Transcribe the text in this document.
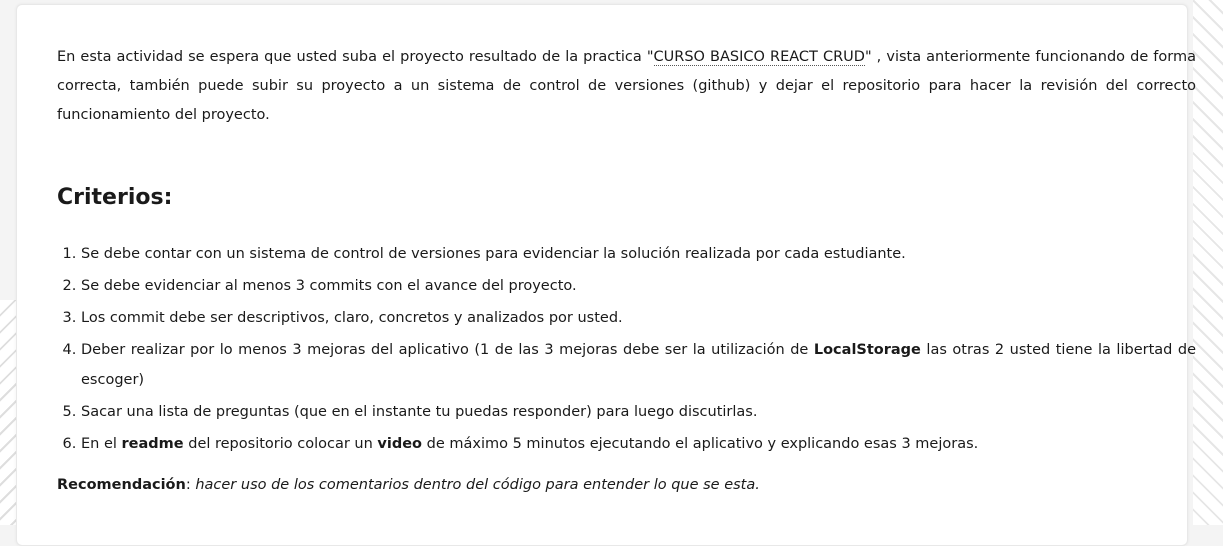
En esta actividad se espera que usted suba el proyecto resultado de la practica "CURSO BASICO REACT CRUD" , vista anteriormente funcionando de forma correcta, también puede subir su proyecto a un sistema de control de versiones (github) y dejar el repositorio para hacer la revisión del correcto funcionamiento del proyecto.

Criterios:
1. Se debe contar con un sistema de control de versiones para evidenciar la solución realizada por cada estudiante.
2. Se debe evidenciar al menos 3 commits con el avance del proyecto.
3. Los commit debe ser descriptivos, claro, concretos y analizados por usted.
4. Deber realizar por lo menos 3 mejoras del aplicativo (1 de las 3 mejoras debe ser la utilización de LocalStorage las otras 2 usted tiene la libertad de escoger)
5. Sacar una lista de preguntas (que en el instante tu puedas responder) para luego discutirlas.
6. En el readme del repositorio colocar un video de máximo 5 minutos ejecutando el aplicativo y explicando esas 3 mejoras.

Recomendación: hacer uso de los comentarios dentro del código para entender lo que se esta.
